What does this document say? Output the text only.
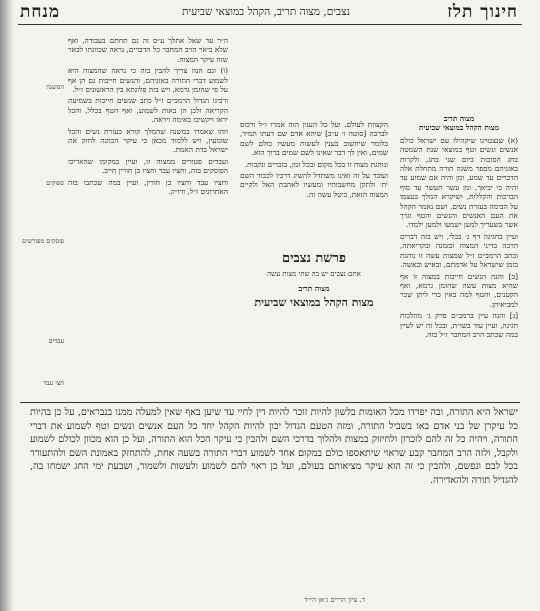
חינוך תלז
נצבים, מצוה תריב, הקהל במוצאי שביעית
מנחת
מצוה תריב
מצות הקהל במוצאי שביעית

(א) שנצטוינו שיקהילו עם ישראל כולם אנשים ונשים וטף במוצאי שנת השמטה בחג הסוכות ביום שני בחג, ולקרות באזניהם מספר משנה תורה מתחלת אלה הדברים עד שמע, ומן והיה אם שמוע עד והיה כי יביאך, ומן עשר תעשר עד סוף הברכות והקללות, ושיקרא המלך בעצמו על הבימה בעזרת נשים. ושם נאמר הקהל את העם האנשים והנשים והטף וגרך אשר בשעריך למען ישמעו ולמען ילמדו.

ועיין בחגיגה דף ג׳ בבלי, ויש בזה דברים הרבה בדיני המצוה ובזמנה ובקריאתה, וכתב הרמב״ם ז״ל שמצות עשה זו נוהגת בזמן שישראל על אדמתם, ובאיש ובאשה.

[ב] והנה הנשים חייבות במצוה זו אף שהיא מצות עשה שהזמן גרמא, ואף הקטנים, והטף למה באין כדי ליתן שכר למביאיהן.

[ג] והנה עיין ברמב״ם פרק ג׳ מהלכות חגיגה, ועיין עוד בשו״ת, ובכל זה יש לעיין במה שכתב הרב המחבר ז״ל בזה.

הקצוות לעולם. ועל כל הענין הזה אמרו ז״ל ורכוס לברכה [סוטה ו׳ ע״ב] שיהא אדם שם דעתו תמיד, כלומר שיחשוב בענין לעשות מעשיו כולם לשם שמים, ואין לך דבר שאינו לשם שמים ברוך הוא.

ונוהגת מצוה זו בכל מקום ובכל זמן, בזכרים ונקבות.

ועובר על זה ואינו משתדל להשיג דרכיו לכבוד השם ית׳ ולתקן מחשבותיו ומעשיו לאהבת האל ולקיים המצוה הזאת, ביטל עשה זה.

פרשת נצבים
אתם נצבים יש בה שתי מצות עשה
מצוה תריב
מצות הקהל במוצאי שביעית

ה״ר עד שאל אתלך ע״ס זה גם תחתם בעבודה, ואף שלא ביאר הרב המחבר כל הדברים, נראה שכוונתו לבאר שזה עיקר המצוה.

(ו) ונם הנה צריך להבין בזה כי נראה שהמצוה היא לשמוע דברי התורה באזניהם, והנשים חייבות גם הן אף על פי שהזמן גרמא, ויש בזה פלוגתא בין הראשונים ז״ל.

ורבינו הגדול הרמב״ם ז״ל כתב שנשים חייבות בשמיעת הקריאה ולכן הן באות לשמוע, ואף הטף בכלל, והכל יראו ויקשיבו באימה ויראה.

וזהו שאמרו במשנה שהמלך קורא בעזרת נשים והכל שומעין, ויש ללמוד מכאן כי עיקר הכוונה לחזק את ישראל בדת האמת.

ועבדים פטורים ממצוה זו, ועיין במקומו שהאריכו הפוסקים בזה, וחציו עבד וחציו בן חורין חייב.

וחציו עבד וחציו בן חורין, ועיין במה שכתבו בזה האחרונים ז״ל, ודו״ק.

המשנה
ספוקים
פוסקים מפורשים
עבדים
חצי עבד
ישראל היא התורה, ובה יפרדו מכל האומות בלשון להיות זוכר להיות דין לחיי עד שיען באף שאין למעלה ממנו בנבראים, על כן בהיות כל עיקרן של בני אדם באו בשביל התורה, ומזה הטעם הגדול יכון להיות הקהל יחד כל העם אנשים ונשים וטף לשמוע את דברי התורה, ויהיה כל זה להם לזכרון ולחיזוק במצות ולהלוך בדרכי השם ולהבין כי עיקר הכל הוא התורה, ועל כן הוא מכוון לכולם לשמוע ולקבל, ולזה הרב המחבר קבע שראוי שיתאספו כולם במקום אחד לשמוע דברי התורה בשעה אחת, להתחזק באמונת השם ולהתעורר בכל לבם ונפשם, ולהבין כי זה הוא עיקר מציאותם בעולם, ועל כן ראוי להם לשמוע ולעשות ולשמור, ושבעת ימי החג ישמחו בה, להגדיל תורה ולהאדירה.
ד. ציון הריים ג׳אן הי״ד
